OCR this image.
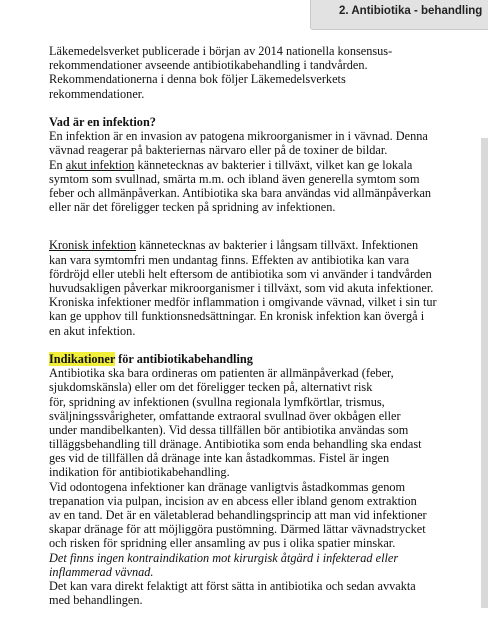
2. Antibiotika - behandling
Läkemedelsverket publicerade i början av 2014 nationella konsensus-
rekommendationer avseende antibiotikabehandling i tandvården.
Rekommendationerna i denna bok följer Läkemedelsverkets
rekommendationer.
Vad är en infektion?
En infektion är en invasion av patogena mikroorganismer in i vävnad. Denna
vävnad reagerar på bakteriernas närvaro eller på de toxiner de bildar.
En akut infektion kännetecknas av bakterier i tillväxt, vilket kan ge lokala
symtom som svullnad, smärta m.m. och ibland även generella symtom som
feber och allmänpåverkan. Antibiotika ska bara användas vid allmänpåverkan
eller när det föreligger tecken på spridning av infektionen.
Kronisk infektion kännetecknas av bakterier i långsam tillväxt. Infektionen
kan vara symtomfri men undantag finns. Effekten av antibiotika kan vara
fördröjd eller utebli helt eftersom de antibiotika som vi använder i tandvården
huvudsakligen påverkar mikroorganismer i tillväxt, som vid akuta infektioner.
Kroniska infektioner medför inflammation i omgivande vävnad, vilket i sin tur
kan ge upphov till funktionsnedsättningar. En kronisk infektion kan övergå i
en akut infektion.
Indikationer för antibiotikabehandling
Antibiotika ska bara ordineras om patienten är allmänpåverkad (feber,
sjukdomskänsla) eller om det föreligger tecken på, alternativt risk
för, spridning av infektionen (svullna regionala lymfkörtlar, trismus,
sväljningssvårigheter, omfattande extraoral svullnad över okbågen eller
under mandibelkanten). Vid dessa tillfällen bör antibiotika användas som
tilläggsbehandling till dränage. Antibiotika som enda behandling ska endast
ges vid de tillfällen då dränage inte kan åstadkommas. Fistel är ingen
indikation för antibiotikabehandling.
Vid odontogena infektioner kan dränage vanligtvis åstadkommas genom
trepanation via pulpan, incision av en abcess eller ibland genom extraktion
av en tand. Det är en väletablerad behandlingsprincip att man vid infektioner
skapar dränage för att möjliggöra pustömning. Därmed lättar vävnadstrycket
och risken för spridning eller ansamling av pus i olika spatier minskar.
Det finns ingen kontraindikation mot kirurgisk åtgärd i infekterad eller
inflammerad vävnad.
Det kan vara direkt felaktigt att först sätta in antibiotika och sedan avvakta
med behandlingen.
